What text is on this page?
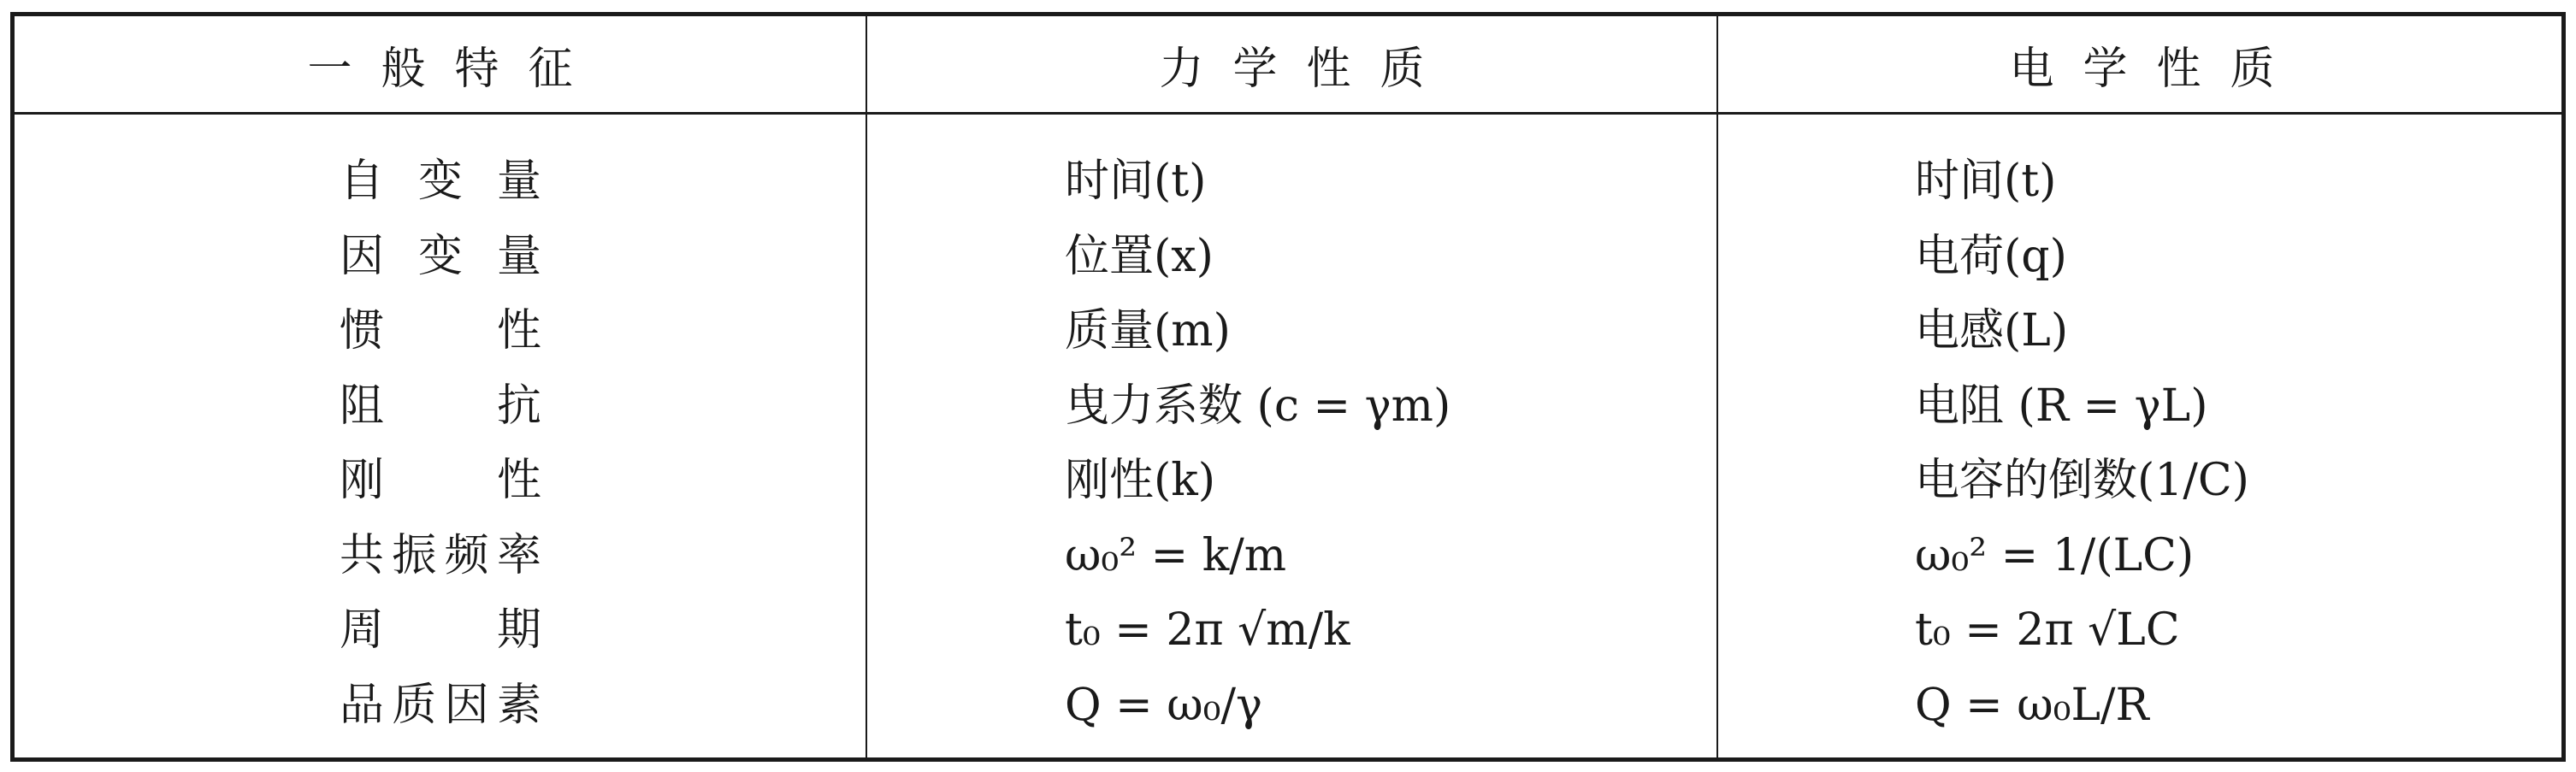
一般特征	力学性质	电学性质
自变量
因变量
惯性
阻抗
刚性
共振频率
周期
品质因素
时间(t)
位置(x)
质量(m)
曳力系数 (c = γm)
刚性(k)
ω₀² = k/m
t₀ = 2π √m/k
Q = ω₀/γ
时间(t)
电荷(q)
电感(L)
电阻 (R = γL)
电容的倒数(1/C)
ω₀² = 1/(LC)
t₀ = 2π √LC
Q = ω₀L/R
